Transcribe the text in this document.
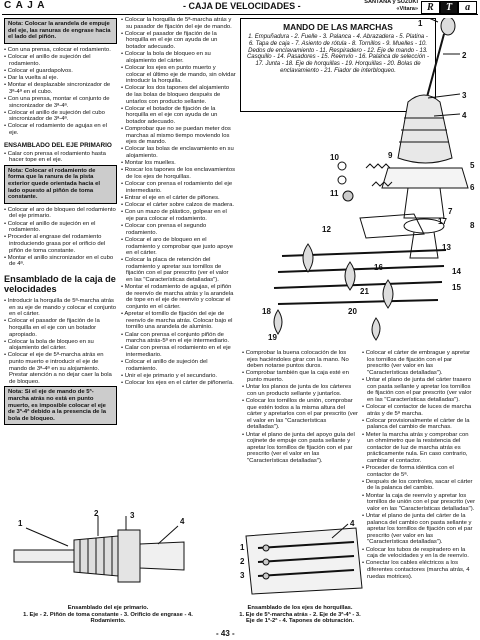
C A J A	- CAJA DE VELOCIDADES -	SANTANA y SUZUKI
«Vitara» R	T	a
Nota: Colocar la arandela de empuje del eje, las ranuras de engrase hacia el lado del piñón.

• Con una prensa, colocar el rodamiento.

• Colocar el anillo de sujeción del rodamiento.

• Colocar el guardapolvos.

• Dar la vuelta al eje.

• Montar el desplazable sincronizador de 3ª-4ª en el cubo.

• Con una prensa, montar el conjunto de sincronizador de 3ª-4ª.

• Colocar el anillo de sujeción del cubo sincronizador de 3ª-4ª.

• Colocar el rodamiento de agujas en el eje.

ENSAMBLADO DEL EJE PRIMARIO

• Calar con prensa el rodamiento hasta hacer tope en el eje.

Nota: Colocar el rodamiento de forma que la ranura de la pista exterior quede orientada hacia el lado opuesto al piñón de toma constante.

• Colocar el aro de bloqueo del rodamiento del eje primario.

• Colocar el anillo de sujeción en el rodamiento.

• Proceder al engrase del rodamiento introduciendo grasa por el orificio del piñón de toma constante.

• Montar el anillo sincronizador en el cubo de 4ª.

Ensamblado de la caja de velocidades

• Introducir la horquilla de 5ª-marcha atrás en su eje de mando y colocar el conjunto en el cárter.

• Colocar el pasador de fijación de la horquilla en el eje con un botador apropiado.

• Colocar la bola de bloqueo en su alojamiento del cárter.

• Colocar el eje de 5ª-marcha atrás en punto muerto e introducir el eje de mando de 3ª-4ª en su alojamiento. Prestar atención a no dejar caer la bola de bloqueo.

Nota: Si el eje de mando de 5ª-marcha atrás no está en punto muerto, es imposible colocar el eje de 3ª-4ª debido a la presencia de la bola de bloqueo.

• Colocar la horquilla de 5ª-marcha atrás y su pasador de fijación del eje de mando.

• Colocar el pasador de fijación de la horquilla en el eje con ayuda de un botador adecuado.

• Colocar la bola de bloqueo en su alojamiento del cárter.

• Colocar los ejes en punto muerto y colocar el último eje de mando, sin olvidar introducir la horquilla.

• Colocar los dos tapones del alojamiento de las bolas de bloqueo después de untarlos con producto sellante.

• Colocar el botador de fijación de la horquilla en el eje con ayuda de un botador adecuado.

• Comprobar que no se puedan meter dos marchas al mismo tiempo moviendo los ejes de mando.

• Colocar las bolas de enclavamiento en su alojamiento.

• Montar los muelles.

• Roscar los tapones de los enclavamientos de los ejes de horquillas.

• Colocar con prensa el rodamiento del eje intermediario.

• Entrar el eje en el cárter de piñones.

• Colocar el cárter sobre calzos de madera.

• Con un mazo de plástico, golpear en el eje para colocar el rodamiento.

• Colocar con prensa el segundo rodamiento.

• Colocar el aro de bloqueo en el rodamiento y comprobar que justo apoye en el cárter.

• Colocar la placa de retención del rodamiento y apretar sus tornillos de fijación con el par prescrito (ver el valor en las "Características detalladas").

• Montar el rodamiento de agujas, el piñón de reenvío de marcha atrás y la arandela de tope en el eje de reenvío y colocar el conjunto en el cárter.

• Apretar el tornillo de fijación del eje de reenvío de marcha atrás. Colocar bajo el tornillo una arandela de aluminio.

• Calar con prensa el conjunto piñón de marcha atrás-5ª en el eje intermediario.

• Calar con prensa el rodamiento en el eje intermediario.

• Colocar el anillo de sujeción del rodamiento.

• Unir el eje primario y el secundario.

• Colocar los ejes en el cárter de piñonería.

MANDO DE LAS MARCHAS
1. Empuñadura - 2. Fuelle - 3. Palanca - 4. Abrazadera - 5. Platina - 6. Tapa de caja - 7. Asiento de rótula - 8. Tornillos - 9. Muelles - 10. Dedos de enclavamiento - 11. Respiradero - 12. Eje de mando - 13. Casquillo - 14. Pasadores - 15. Reenvío - 16. Palanca de selección - 17. Junta - 18. Eje de horquillas - 19. Horquillas - 20. Bolas de enclavamiento - 21. Fiador de interbloqueo.
1
2
3
4
5
6
7
8
9
10
11
12
13
14
15
16
17
18
19
20
21

• Comprobar la buena colocación de los ejes haciéndoles girar con la mano. No deben notarse puntos duros.

• Comprobar también que la caja esté en punto muerto.

• Untar los planos de junta de los cárteres con un producto sellante y juntarlos.

• Colocar los tornillos de unión, comprobar que estén todos a la misma altura del cárter y apretarlos con el par prescrito (ver el valor en las "Características detalladas").

• Untar el plano de junta del apoyo guía del cojinete de empuje con pasta sellante y apretar los tornillos de fijación con el par prescrito (ver el valor en las "Características detalladas").

• Colocar el cárter de embrague y apretar los tornillos de fijación con el par prescrito (ver valor en las "Características detalladas").

• Untar el plano de junta del cárter trasero con pasta sellante y apretar los tornillos de fijación con el par prescrito (ver valor en las "Características detalladas").

• Colocar el contactor de luces de marcha atrás y de 5ª marcha.

• Colocar provisionalmente el cárter de la palanca del cambio de marchas.

• Meter la marcha atrás y comprobar con un ohmímetro que la resistencia del contactor de luz de marcha atrás es prácticamente nula. En caso contrario, cambiar el contactor.

• Proceder de forma idéntica con el contactor de 5ª.

• Después de los controles, sacar el cárter de la palanca del cambio.

• Montar la caja de reenvío y apretar los tornillos de unión con el par prescrito (ver valor en las "Características detalladas").

• Untar el plano de junta del cárter de la palanca del cambio con pasta sellante y apretar los tornillos de fijación con el par prescrito (ver valor en las "Características detalladas").

• Colocar los tubos de respiradero en la caja de velocidades y en la de reenvío.

• Conectar los cables eléctricos a los diferentes contactores (marcha atrás, 4 ruedas motrices).

1
2	3
4
Ensamblado del eje primario.
1. Eje - 2. Piñón de toma constante - 3. Orificio de engrase - 4. Rodamiento.
1
2
3
4
Ensamblado de los ejes de horquillas.
1. Eje de 5ª-marcha atrás - 2. Eje de 3ª-4ª - 3. Eje de 1ª-2ª - 4. Tapones de obturación.
- 43 -
